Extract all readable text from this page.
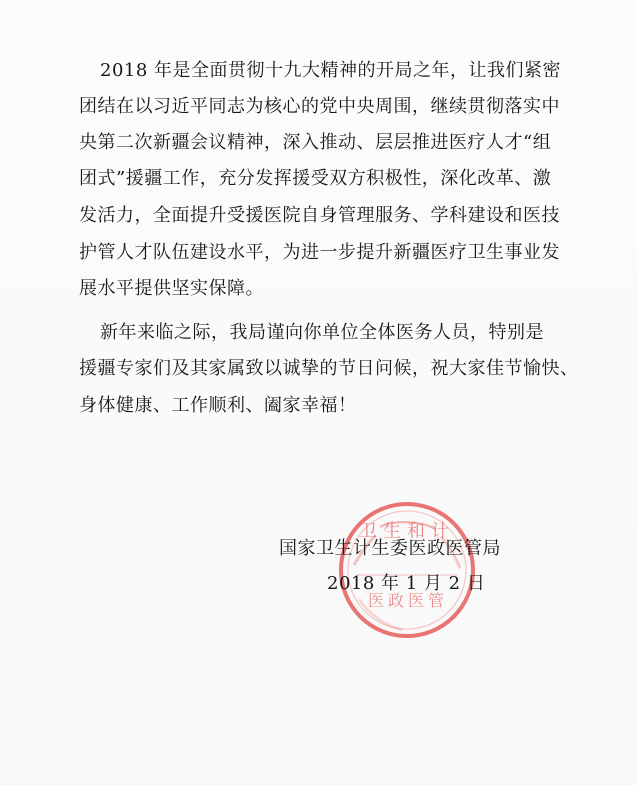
2018 年是全面贯彻十九大精神的开局之年，让我们紧密
团结在以习近平同志为核心的党中央周围，继续贯彻落实中
央第二次新疆会议精神，深入推动、层层推进医疗人才“组
团式”援疆工作，充分发挥援受双方积极性，深化改革、激
发活力，全面提升受援医院自身管理服务、学科建设和医技
护管人才队伍建设水平，为进一步提升新疆医疗卫生事业发
展水平提供坚实保障。
新年来临之际，我局谨向你单位全体医务人员，特别是
援疆专家们及其家属致以诚挚的节日问候，祝大家佳节愉快、
身体健康、工作顺利、阖家幸福！
卫生和计
医政医管
国家卫生计生委医政医管局
2018 年 1 月 2 日
